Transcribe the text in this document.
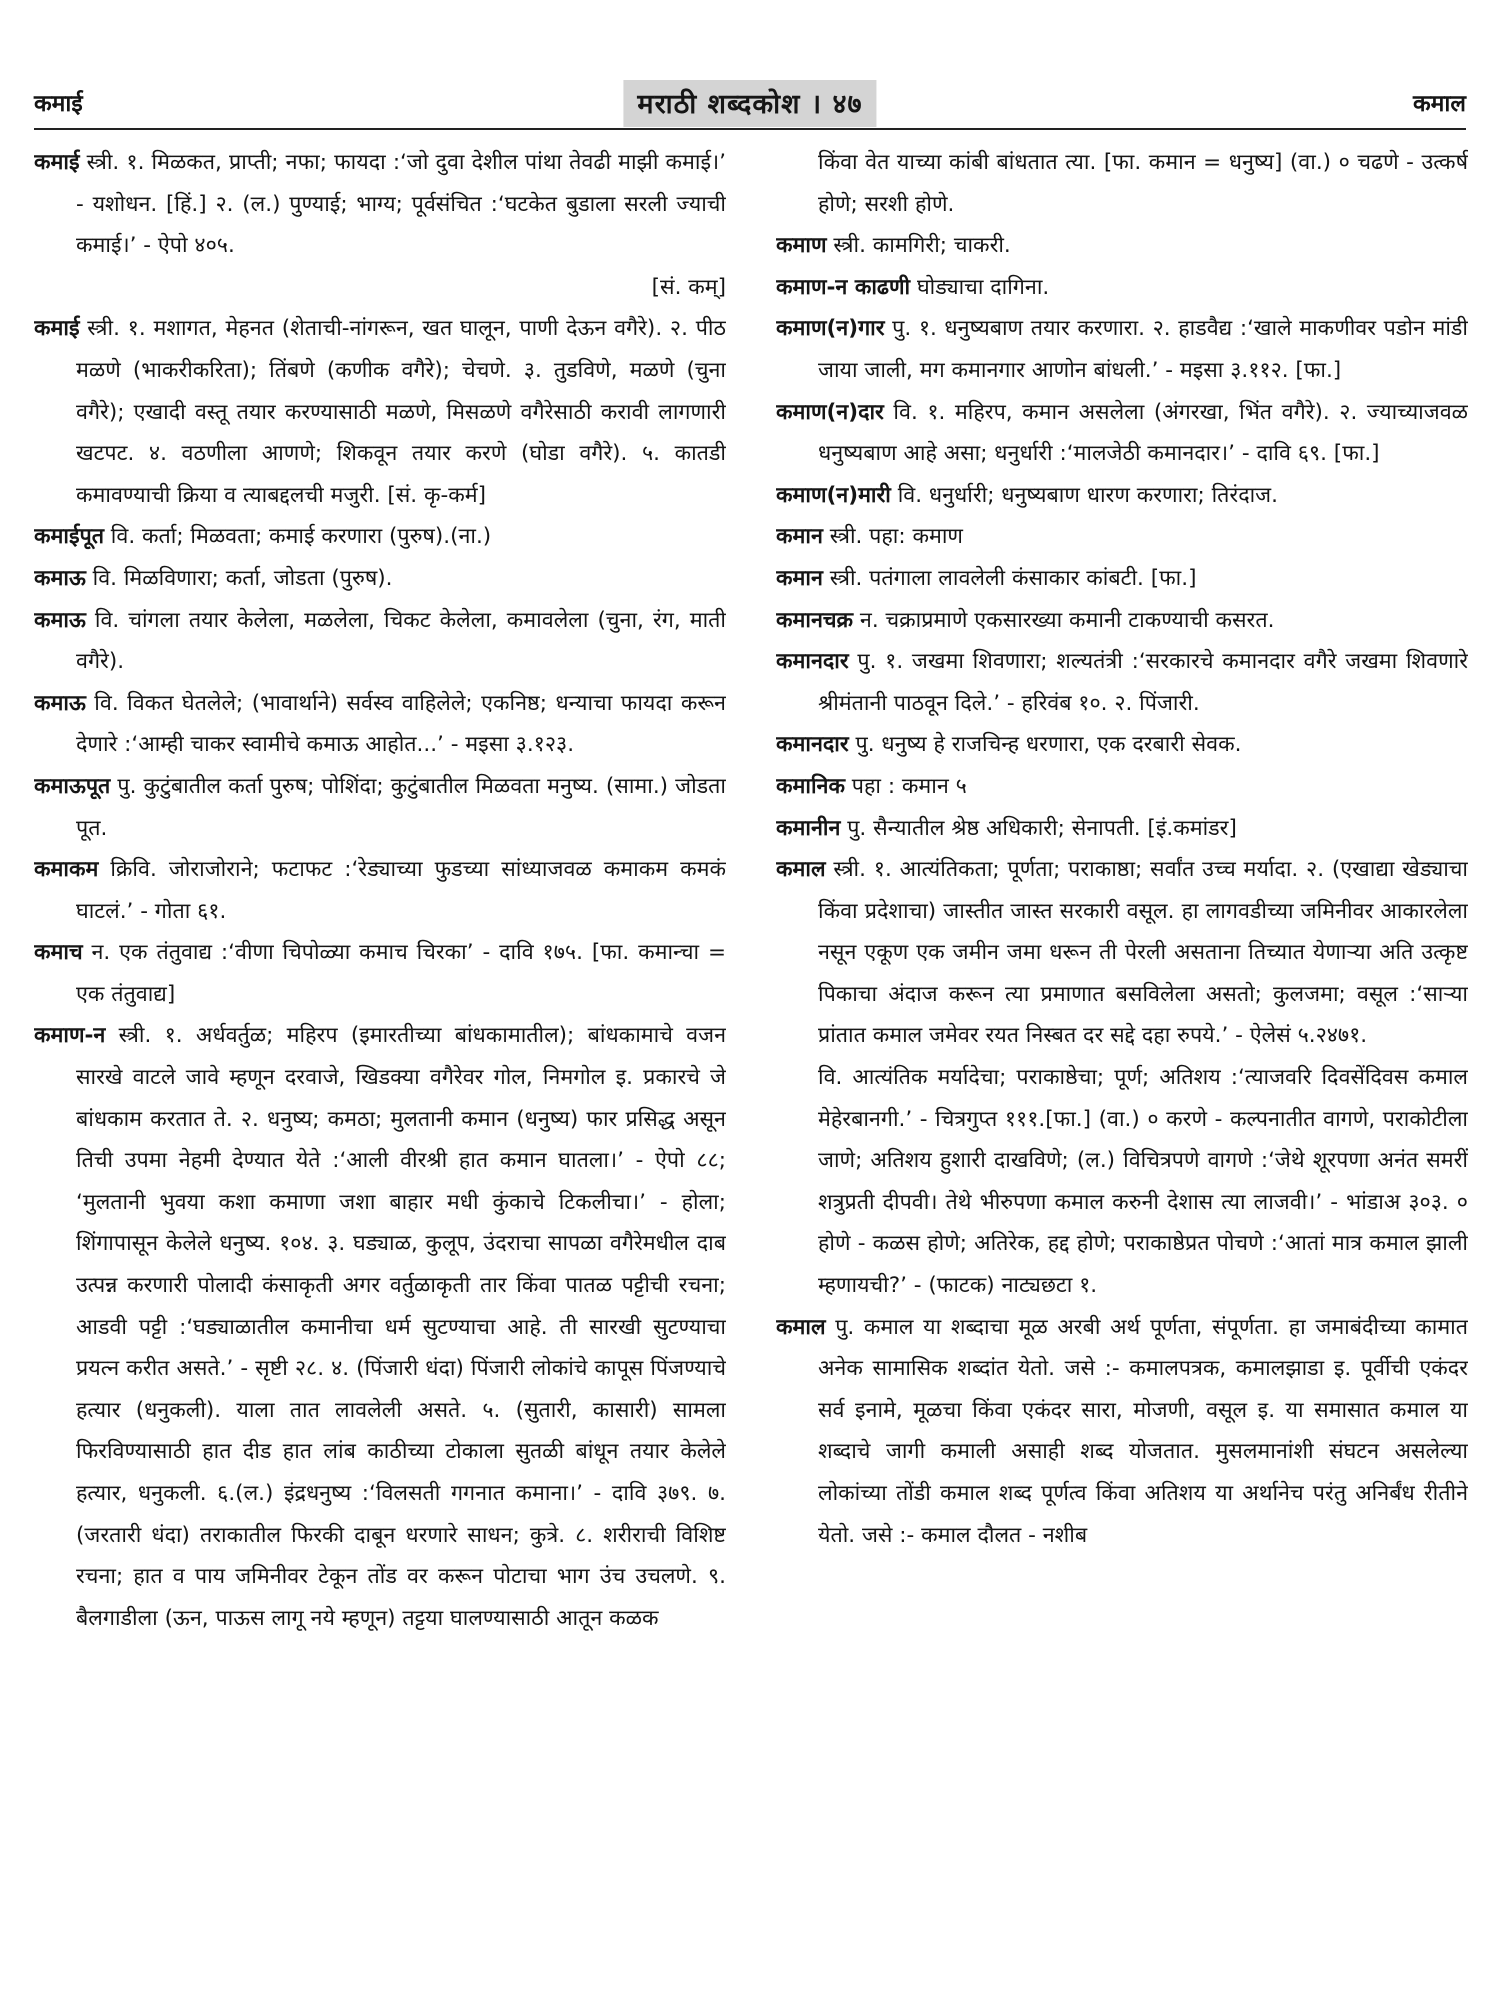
कमाई	मराठी शब्दकोश । ४७	कमाल

कमाई स्त्री. १. मिळकत, प्राप्ती; नफा; फायदा :‘जो दुवा देशील पांथा तेवढी माझी कमाई।’ - यशोधन. [हिं.] २. (ल.) पुण्याई; भाग्य; पूर्वसंचित :‘घटकेत बुडाला सरली ज्याची कमाई।’ - ऐपो ४०५.

[सं. कम्]

कमाई स्त्री. १. मशागत, मेहनत (शेताची-नांगरून, खत घालून, पाणी देऊन वगैरे). २. पीठ मळणे (भाकरीकरिता); तिंबणे (कणीक वगैरे); चेचणे. ३. तुडविणे, मळणे (चुना वगैरे); एखादी वस्तू तयार करण्यासाठी मळणे, मिसळणे वगैरेसाठी करावी लागणारी खटपट. ४. वठणीला आणणे; शिकवून तयार करणे (घोडा वगैरे). ५. कातडी कमावण्याची क्रिया व त्याबद्दलची मजुरी. [सं. कृ-कर्म]

कमाईपूत वि. कर्ता; मिळवता; कमाई करणारा (पुरुष).(ना.)

कमाऊ वि. मिळविणारा; कर्ता, जोडता (पुरुष).

कमाऊ वि. चांगला तयार केलेला, मळलेला, चिकट केलेला, कमावलेला (चुना, रंग, माती वगैरे).

कमाऊ वि. विकत घेतलेले; (भावार्थाने) सर्वस्व वाहिलेले; एकनिष्ठ; धन्याचा फायदा करून देणारे :‘आम्ही चाकर स्वामीचे कमाऊ आहोत...’ - मइसा ३.१२३.

कमाऊपूत पु. कुटुंबातील कर्ता पुरुष; पोशिंदा; कुटुंबातील मिळवता मनुष्य. (सामा.) जोडता पूत.

कमाकम क्रिवि. जोराजोराने; फटाफट :‘रेड्याच्या फुडच्या सांध्याजवळ कमाकम कमकं घाटलं.’ - गोता ६१.

कमाच न. एक तंतुवाद्य :‘वीणा चिपोळ्या कमाच चिरका’ - दावि १७५. [फा. कमान्चा = एक तंतुवाद्य]

कमाण-न स्त्री. १. अर्धवर्तुळ; महिरप (इमारतीच्या बांधकामातील); बांधकामाचे वजन सारखे वाटले जावे म्हणून दरवाजे, खिडक्या वगैरेवर गोल, निमगोल इ. प्रकारचे जे बांधकाम करतात ते. २. धनुष्य; कमठा; मुलतानी कमान (धनुष्य) फार प्रसिद्ध असून तिची उपमा नेहमी देण्यात येते :‘आली वीरश्री हात कमान घातला।’ - ऐपो ८८; ‘मुलतानी भुवया कशा कमाणा जशा बाहार मधी कुंकाचे टिकलीचा।’ - होला; शिंगापासून केलेले धनुष्य. १०४. ३. घड्याळ, कुलूप, उंदराचा सापळा वगैरेमधील दाब उत्पन्न करणारी पोलादी कंसाकृती अगर वर्तुळाकृती तार किंवा पातळ पट्टीची रचना; आडवी पट्टी :‘घड्याळातील कमानीचा धर्म सुटण्याचा आहे. ती सारखी सुटण्याचा प्रयत्न करीत असते.’ - सृष्टी २८. ४. (पिंजारी धंदा) पिंजारी लोकांचे कापूस पिंजण्याचे हत्यार (धनुकली). याला तात लावलेली असते. ५. (सुतारी, कासारी) सामला फिरविण्यासाठी हात दीड हात लांब काठीच्या टोकाला सुतळी बांधून तयार केलेले हत्यार, धनुकली. ६.(ल.) इंद्रधनुष्य :‘विलसती गगनात कमाना।’ - दावि ३७९. ७. (जरतारी धंदा) तराकातील फिरकी दाबून धरणारे साधन; कुत्रे. ८. शरीराची विशिष्ट रचना; हात व पाय जमिनीवर टेकून तोंड वर करून पोटाचा भाग उंच उचलणे. ९. बैलगाडीला (ऊन, पाऊस लागू नये म्हणून) तट्टया घालण्यासाठी आतून कळक

किंवा वेत याच्या कांबी बांधतात त्या. [फा. कमान = धनुष्य] (वा.) ० चढणे - उत्कर्ष होणे; सरशी होणे.

कमाण स्त्री. कामगिरी; चाकरी.

कमाण-न काढणी घोड्याचा दागिना.

कमाण(न)गार पु. १. धनुष्यबाण तयार करणारा. २. हाडवैद्य :‘खाले माकणीवर पडोन मांडी जाया जाली, मग कमानगार आणोन बांधली.’ - मइसा ३.११२. [फा.]

कमाण(न)दार वि. १. महिरप, कमान असलेला (अंगरखा, भिंत वगैरे). २. ज्याच्याजवळ धनुष्यबाण आहे असा; धनुर्धारी :‘मालजेठी कमानदार।’ - दावि ६९. [फा.]

कमाण(न)मारी वि. धनुर्धारी; धनुष्यबाण धारण करणारा; तिरंदाज.

कमान स्त्री. पहा: कमाण

कमान स्त्री. पतंगाला लावलेली कंसाकार कांबटी. [फा.]

कमानचक्र न. चक्राप्रमाणे एकसारख्या कमानी टाकण्याची कसरत.

कमानदार पु. १. जखमा शिवणारा; शल्यतंत्री :‘सरकारचे कमानदार वगैरे जखमा शिवणारे श्रीमंतानी पाठवून दिले.’ - हरिवंब १०. २. पिंजारी.

कमानदार पु. धनुष्य हे राजचिन्ह धरणारा, एक दरबारी सेवक.

कमानिक पहा : कमान ५

कमानीन पु. सैन्यातील श्रेष्ठ अधिकारी; सेनापती. [इं.कमांडर]

कमाल स्त्री. १. आत्यंतिकता; पूर्णता; पराकाष्ठा; सर्वांत उच्च मर्यादा. २. (एखाद्या खेड्याचा किंवा प्रदेशाचा) जास्तीत जास्त सरकारी वसूल. हा लागवडीच्या जमिनीवर आकारलेला नसून एकूण एक जमीन जमा धरून ती पेरली असताना तिच्यात येणाऱ्या अति उत्कृष्ट पिकाचा अंदाज करून त्या प्रमाणात बसविलेला असतो; कुलजमा; वसूल :‘साऱ्या प्रांतात कमाल जमेवर रयत निस्बत दर सद्दे दहा रुपये.’ - ऐलेसं ५.२४७१.

वि. आत्यंतिक मर्यादेचा; पराकाष्ठेचा; पूर्ण; अतिशय :‘त्याजवरि दिवसेंदिवस कमाल मेहेरबानगी.’ - चित्रगुप्त १११.[फा.] (वा.) ० करणे - कल्पनातीत वागणे, पराकोटीला जाणे; अतिशय हुशारी दाखविणे; (ल.) विचित्रपणे वागणे :‘जेथे शूरपणा अनंत समरीं शत्रुप्रती दीपवी। तेथे भीरुपणा कमाल करुनी देशास त्या लाजवी।’ - भांडाअ ३०३. ० होणे - कळस होणे; अतिरेक, हद्द होणे; पराकाष्ठेप्रत पोचणे :‘आतां मात्र कमाल झाली म्हणायची?’ - (फाटक) नाट्यछटा १.

कमाल पु. कमाल या शब्दाचा मूळ अरबी अर्थ पूर्णता, संपूर्णता. हा जमाबंदीच्या कामात अनेक सामासिक शब्दांत येतो. जसे :- कमालपत्रक, कमालझाडा इ. पूर्वीची एकंदर सर्व इनामे, मूळचा किंवा एकंदर सारा, मोजणी, वसूल इ. या समासात कमाल या शब्दाचे जागी कमाली असाही शब्द योजतात. मुसलमानांशी संघटन असलेल्या लोकांच्या तोंडी कमाल शब्द पूर्णत्व किंवा अतिशय या अर्थानेच परंतु अनिर्बंध रीतीने येतो. जसे :- कमाल दौलत - नशीब
